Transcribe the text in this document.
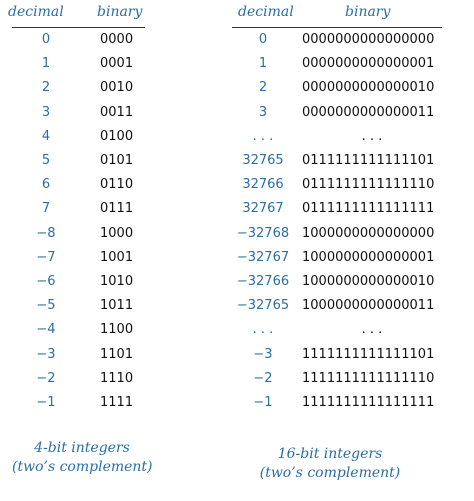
decimal binary
0	0000
1	0001
2	0010
3	0011
4	0100
5	0101
6	0110
7	0111
−8	1000
−7	1001
−6	1010
−5	1011
−4	1100
−3	1101
−2	1110
−1	1111
4-bit integers
(two’s complement)
decimal	binary
0	0000000000000000
1	0000000000000001
2	0000000000000010
3	0000000000000011
. . .	. . .
32765	0111111111111101
32766	0111111111111110
32767	0111111111111111
−32768 1000000000000000
−32767 1000000000000001
−32766 1000000000000010
−32765 1000000000000011
. . .	. . .
−3	1111111111111101
−2	1111111111111110
−1	1111111111111111
16-bit integers
(two’s complement)
